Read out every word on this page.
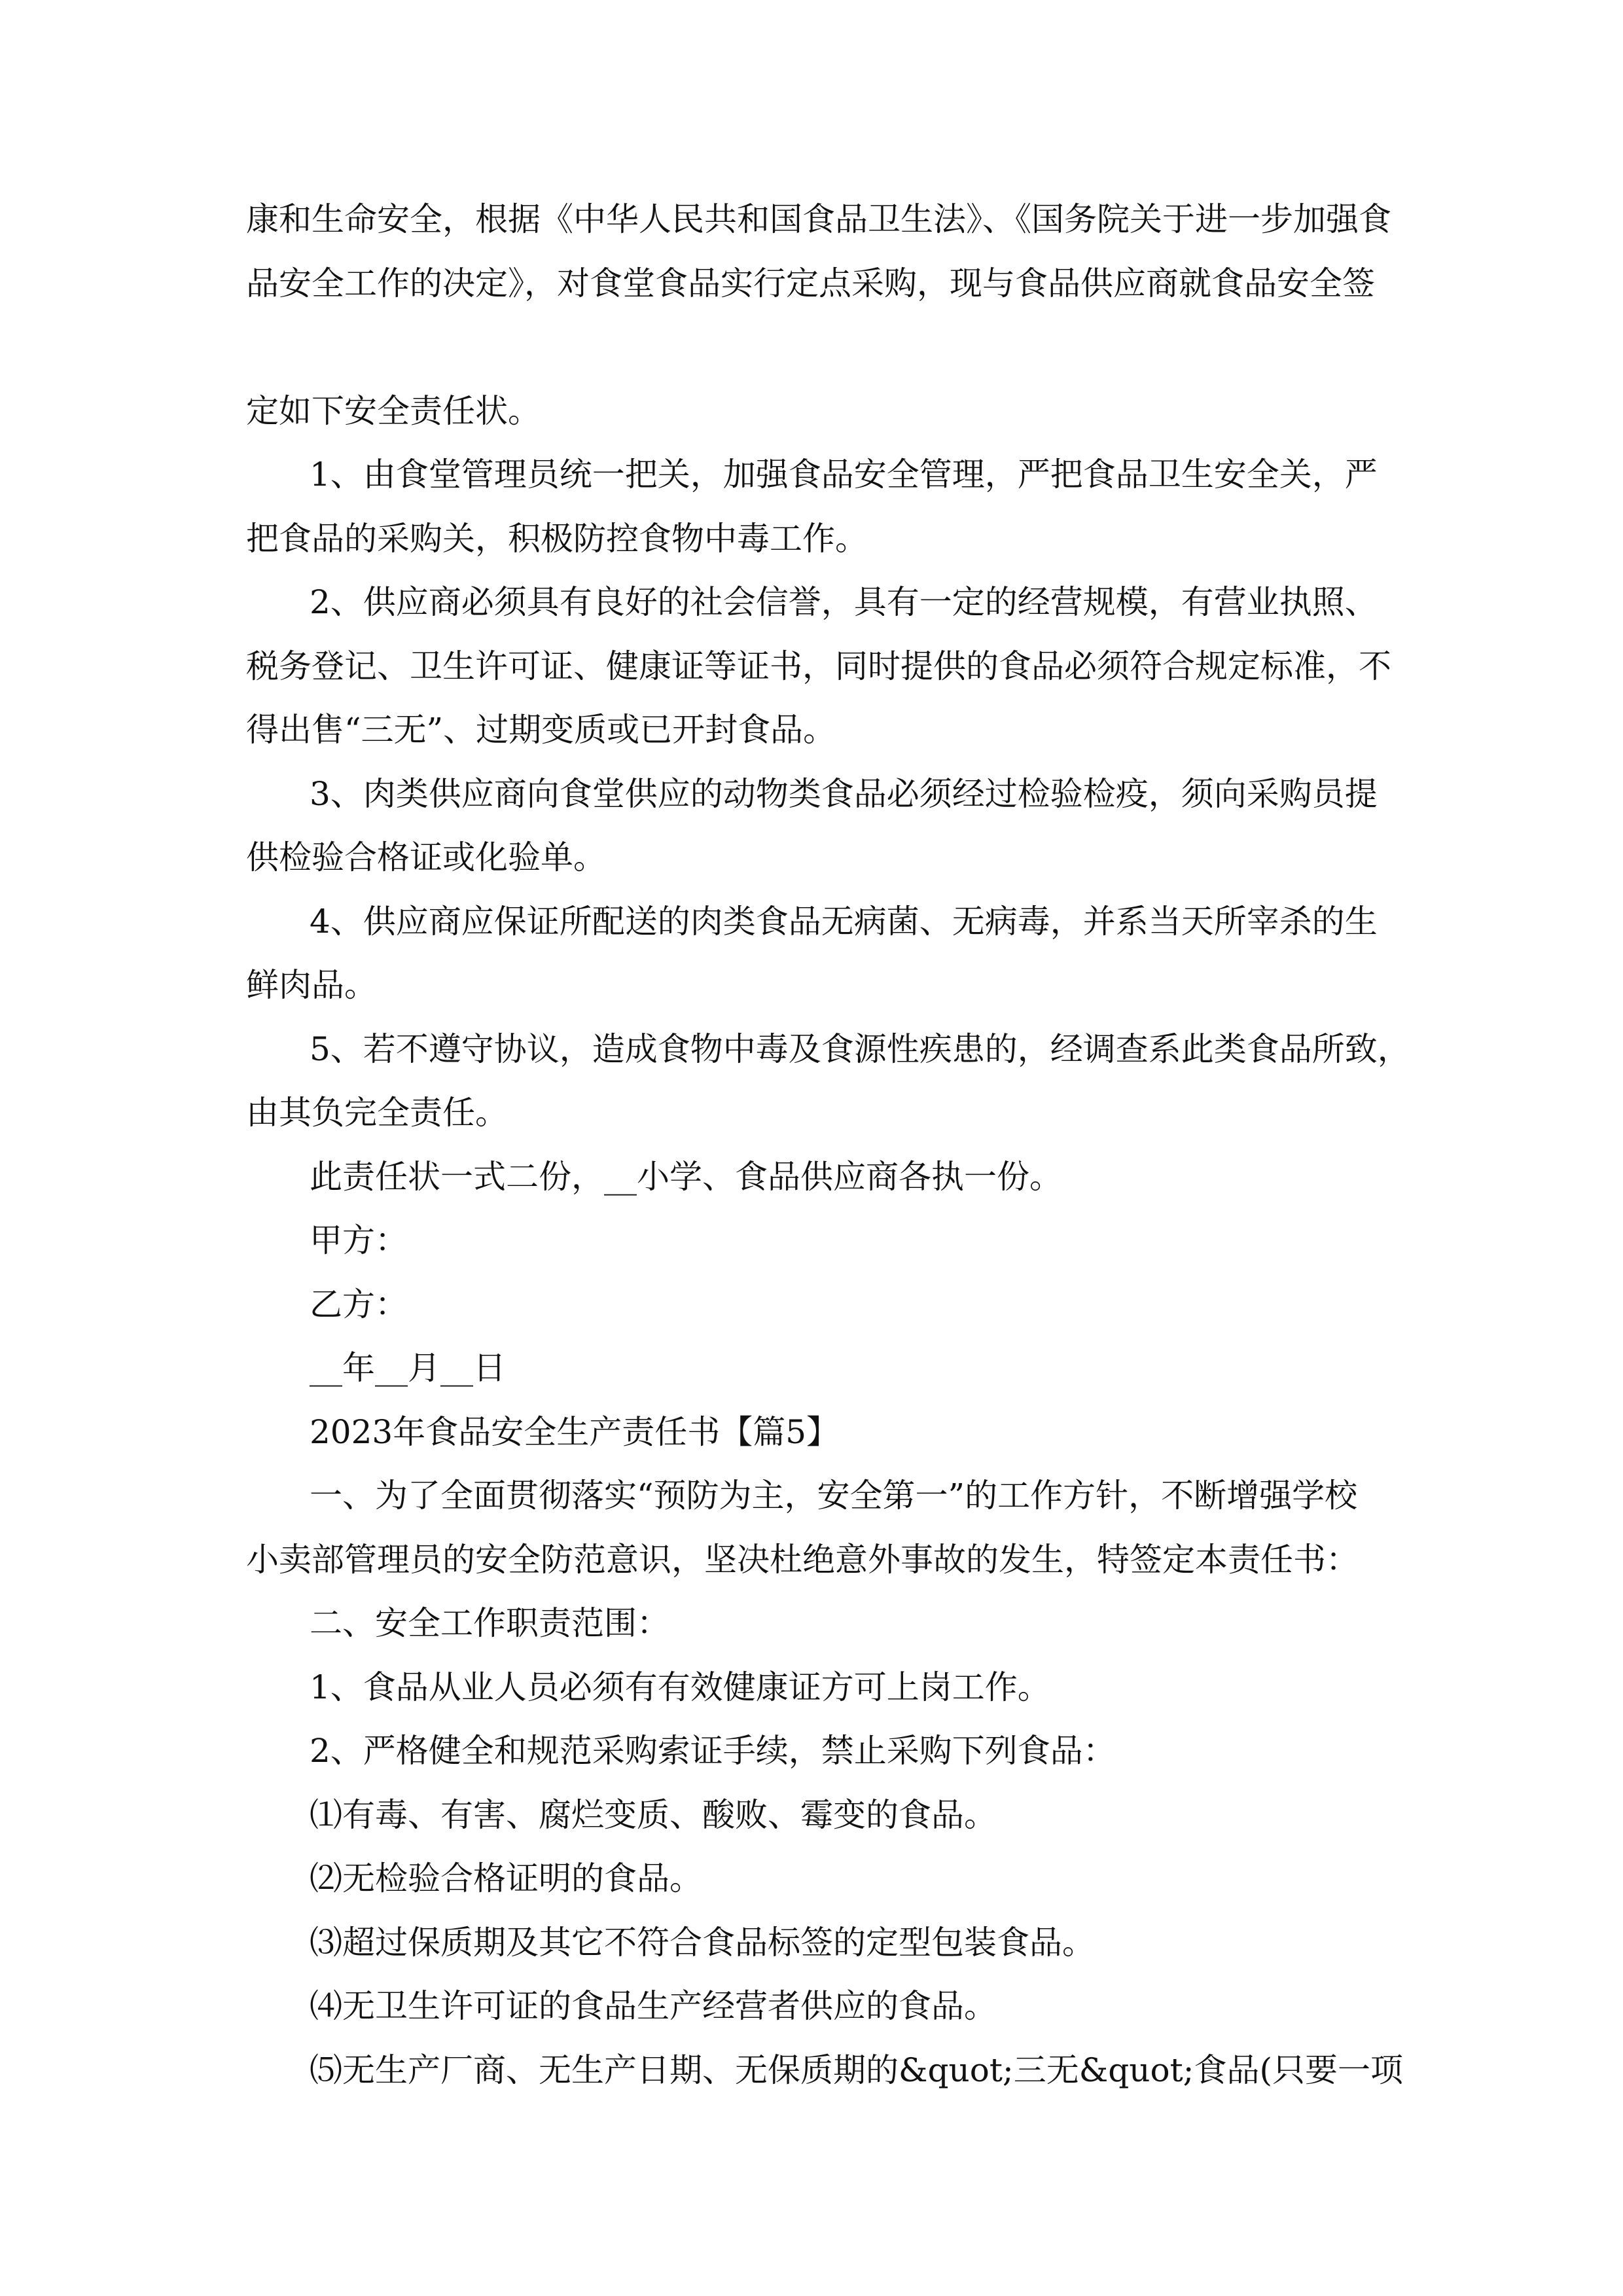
康和生命安全，根据《中华人民共和国食品卫生法》、《国务院关于进一步加强食

品安全工作的决定》，对食堂食品实行定点采购，现与食品供应商就食品安全签

定如下安全责任状。

1、由食堂管理员统一把关，加强食品安全管理，严把食品卫生安全关，严

把食品的采购关，积极防控食物中毒工作。

2、供应商必须具有良好的社会信誉，具有一定的经营规模，有营业执照、

税务登记、卫生许可证、健康证等证书，同时提供的食品必须符合规定标准，不

得出售“三无”、过期变质或已开封食品。

3、肉类供应商向食堂供应的动物类食品必须经过检验检疫，须向采购员提

供检验合格证或化验单。

4、供应商应保证所配送的肉类食品无病菌、无病毒，并系当天所宰杀的生

鲜肉品。

5、若不遵守协议，造成食物中毒及食源性疾患的，经调查系此类食品所致，

由其负完全责任。

此责任状一式二份，__小学、食品供应商各执一份。

甲方：

乙方：

__年__月__日

2023年食品安全生产责任书【篇5】

一、为了全面贯彻落实“预防为主，安全第一”的工作方针，不断增强学校

小卖部管理员的安全防范意识，坚决杜绝意外事故的发生，特签定本责任书：

二、安全工作职责范围：

1、食品从业人员必须有有效健康证方可上岗工作。

2、严格健全和规范采购索证手续，禁止采购下列食品：

⑴有毒、有害、腐烂变质、酸败、霉变的食品。

⑵无检验合格证明的食品。

⑶超过保质期及其它不符合食品标签的定型包装食品。

⑷无卫生许可证的食品生产经营者供应的食品。

⑸无生产厂商、无生产日期、无保质期的&quot;三无&quot;食品(只要一项
